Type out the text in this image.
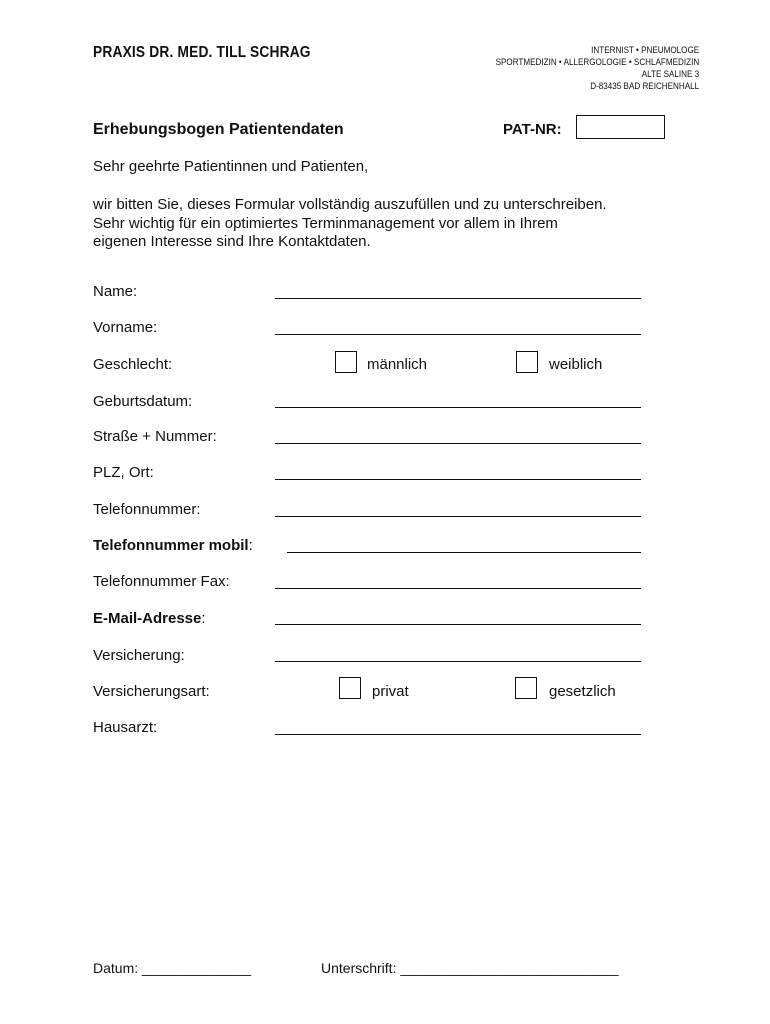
PRAXIS DR. MED. TILL SCHRAG	INTERNIST • PNEUMOLOGE
SPORTMEDIZIN • ALLERGOLOGIE • SCHLAFMEDIZIN
ALTE SALINE 3
D-83435 BAD REICHENHALL
Erhebungsbogen Patientendaten	PAT-NR:
Sehr geehrte Patientinnen und Patienten,
wir bitten Sie, dieses Formular vollständig auszufüllen und zu unterschreiben.
Sehr wichtig für ein optimiertes Terminmanagement vor allem in Ihrem
eigenen Interesse sind Ihre Kontaktdaten.
Name:
Vorname:
Geschlecht:	männlich	weiblich
Geburtsdatum:
Straße + Nummer:
PLZ, Ort:
Telefonnummer:
Telefonnummer mobil:
Telefonnummer Fax:
E-Mail-Adresse:
Versicherung:
Versicherungsart:	privat	gesetzlich
Hausarzt:
Datum: ______________	Unterschrift: ____________________________
